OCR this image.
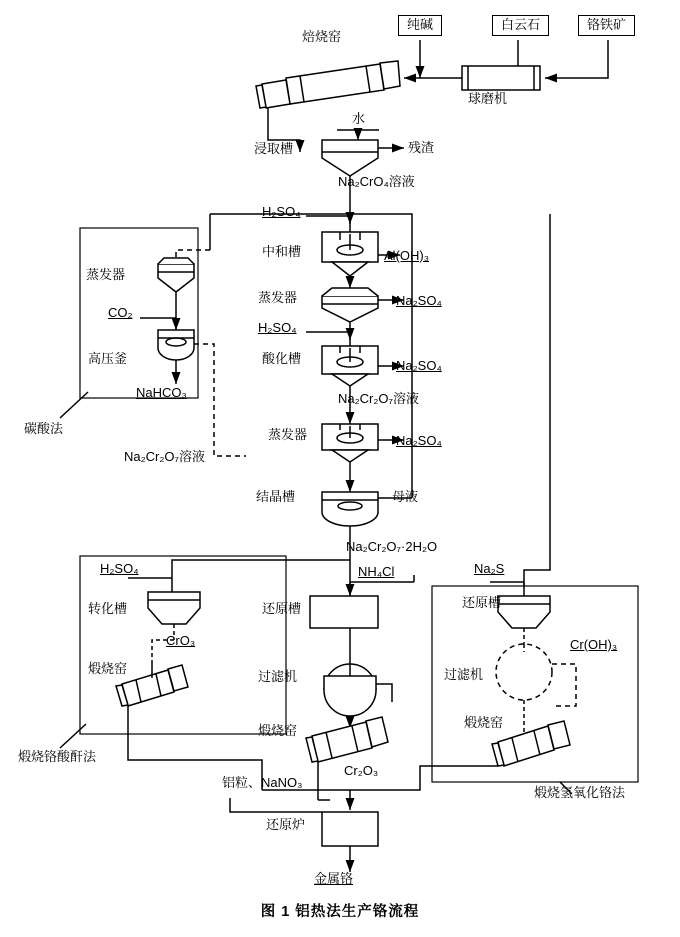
纯碱	白云石	铬铁矿
球磨机
焙烧窑
水
浸取槽	残渣
Na₂CrO₄溶液
H₂SO₄
中和槽	Al(OH)₃
蒸发器	Na₂SO₄
H₂SO₄
酸化槽	Na₂SO₄
Na₂Cr₂O₇溶液
蒸发器	Na₂SO₄
结晶槽	母液
Na₂Cr₂O₇·2H₂O
蒸发器
CO₂
高压釜
NaHCO₃
碳酸法
Na₂Cr₂O₇溶液
NH₄Cl
还原槽
过滤机
煅烧窑
Cr₂O₃
H₂SO₄
转化槽
CrO₃
煅烧窑
煅烧铬酸酐法
Na₂S
还原槽
过滤机
Cr(OH)₃
煅烧窑
煅烧氢氧化铬法
铝粒、NaNO₃
还原炉
金属铬
图 1 铝热法生产铬流程
